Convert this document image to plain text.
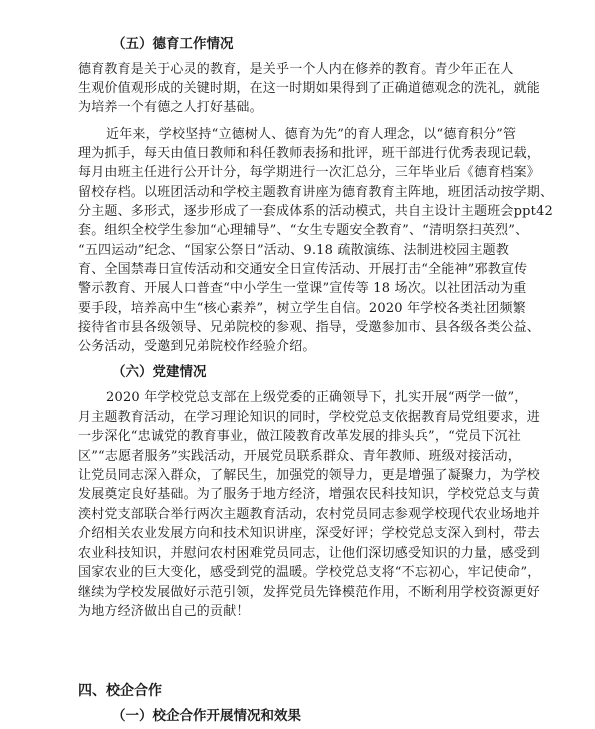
（五）德育工作情况
德育教育是关于心灵的教育，是关乎一个人内在修养的教育。青少年正在人
生观价值观形成的关键时期，在这一时期如果得到了正确道德观念的洗礼，就能
为培养一个有德之人打好基础。
近年来，学校坚持“立德树人、德育为先”的育人理念，以“德育积分”管
理为抓手，每天由值日教师和科任教师表扬和批评，班干部进行优秀表现记载，
每月由班主任进行公开计分，每学期进行一次汇总分，三年毕业后《德育档案》
留校存档。以班团活动和学校主题教育讲座为德育教育主阵地，班团活动按学期、
分主题、多形式，逐步形成了一套成体系的活动模式，共自主设计主题班会ppt42
套。组织全校学生参加“心理辅导”、“女生专题安全教育”、“清明祭扫英烈”、
“五四运动”纪念、“国家公祭日”活动、9.18 疏散演练、法制进校园主题教
育、全国禁毒日宣传活动和交通安全日宣传活动、开展打击“全能神”邪教宣传
警示教育、开展人口普查“中小学生一堂课”宣传等 18 场次。以社团活动为重
要手段，培养高中生“核心素养”，树立学生自信。2020 年学校各类社团频繁
接待省市县各级领导、兄弟院校的参观、指导，受邀参加市、县各级各类公益、
公务活动，受邀到兄弟院校作经验介绍。
（六）党建情况
2020 年学校党总支部在上级党委的正确领导下，扎实开展“两学一做”，
月主题教育活动，在学习理论知识的同时，学校党总支依据教育局党组要求，进
一步深化“忠诚党的教育事业，做江陵教育改革发展的排头兵”，“党员下沉社
区”“志愿者服务”实践活动，开展党员联系群众、青年教师、班级对接活动，
让党员同志深入群众，了解民生，加强党的领导力，更是增强了凝聚力，为学校
发展奠定良好基础。为了服务于地方经济，增强农民科技知识，学校党总支与黄
湙村党支部联合举行两次主题教育活动，农村党员同志参观学校现代农业场地并
介绍相关农业发展方向和技术知识讲座，深受好评；学校党总支深入到村，带去
农业科技知识，并慰问农村困难党员同志，让他们深切感受知识的力量，感受到
国家农业的巨大变化，感受到党的温暖。学校党总支将“不忘初心，牢记使命”，
继续为学校发展做好示范引领，发挥党员先锋模范作用，不断利用学校资源更好
为地方经济做出自己的贡献！
四、校企合作
（一）校企合作开展情况和效果
